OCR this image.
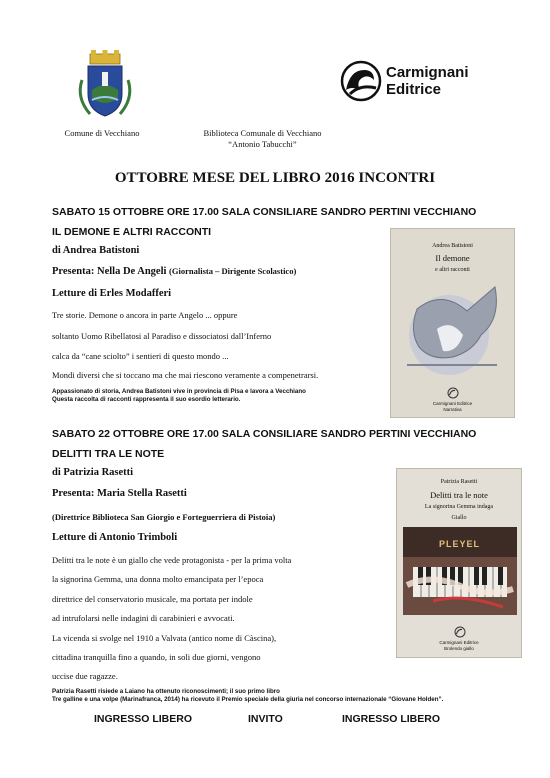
Comune di Vecchiano	Biblioteca Comunale di Vecchiano
“Antonio Tabucchi”
Carmignani
Editrice
OTTOBRE MESE DEL LIBRO 2016 INCONTRI
SABATO 15 OTTOBRE ORE 17.00 SALA CONSILIARE SANDRO PERTINI VECCHIANO
IL DEMONE E ALTRI RACCONTI
di Andrea Batistoni
Presenta: Nella De Angeli (Giornalista – Dirigente Scolastico)
Letture di Erles Modafferi
Tre storie. Demone o ancora in parte Angelo ... oppure
soltanto Uomo Ribellatosi al Paradiso e dissociatosi dall’Inferno
calca da “cane sciolto” i sentieri di questo mondo ...
Mondi diversi che si toccano ma che mai riescono veramente a compenetrarsi.
Appassionato di storia, Andrea Batistoni vive in provincia di Pisa e lavora a Vecchiano
Questa raccolta di racconti rappresenta il suo esordio letterario.
Andrea Batistoni
Il demone
e altri racconti
Carmignani Editrice
Narrativa
SABATO 22 OTTOBRE ORE 17.00 SALA CONSILIARE SANDRO PERTINI VECCHIANO
DELITTI TRA LE NOTE
di Patrizia Rasetti
Presenta: Maria Stella Rasetti
(Direttrice Biblioteca San Giorgio e Forteguerriera di Pistoia)
Letture di Antonio Trimboli
Delitti tra le note è un giallo che vede protagonista - per la prima volta
la signorina Gemma, una donna molto emancipata per l’epoca
direttrice del conservatorio musicale, ma portata per indole
ad intrufolarsi nelle indagini di carabinieri e avvocati.
La vicenda si svolge nel 1910 a Valvata (antico nome di Càscina),
cittadina tranquilla fino a quando, in soli due giorni, vengono
uccise due ragazze.
Patrizia Rasetti risiede a Laiano ha ottenuto riconoscimenti; il suo primo libro
Tre galline e una volpe (Marinafranca, 2014) ha ricevuto il Premio speciale della giuria nel concorso internazionale “Giovane Holden”.
Patrizia Rasetti
Delitti tra le note
La signorina Gemma indaga
Giallo
PLEYEL
Carmignani Editrice
Brolendo giallo
INGRESSO LIBERO	INVITO	INGRESSO LIBERO
